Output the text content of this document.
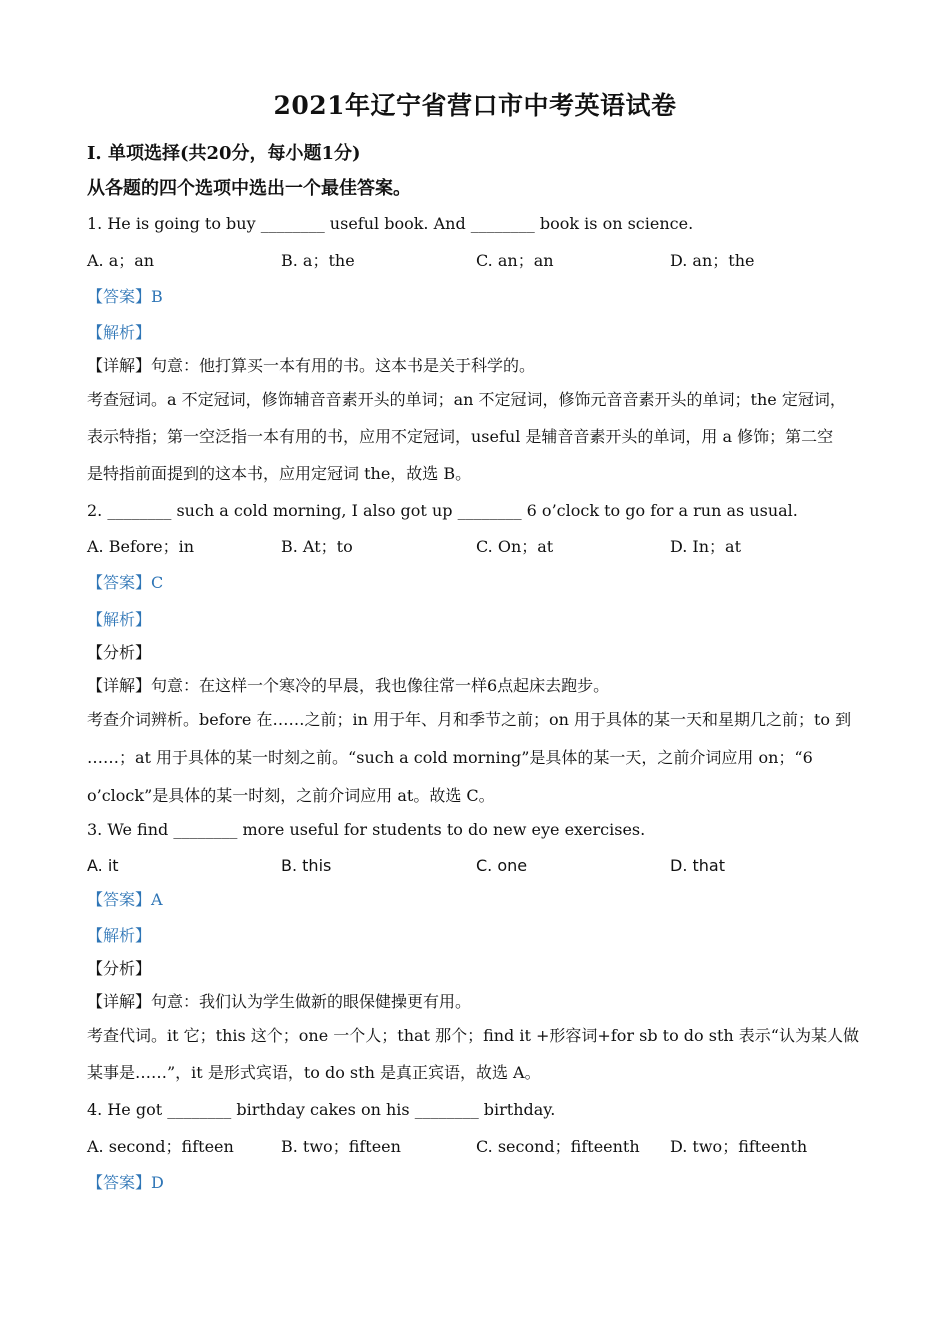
2021年辽宁省营口市中考英语试卷
Ⅰ. 单项选择(共20分，每小题1分)
从各题的四个选项中选出一个最佳答案。
1. He is going to buy ________ useful book. And ________ book is on science.
A. a；an	B. a；the	C. an；an	D. an；the
【答案】B
【解析】
【详解】句意：他打算买一本有用的书。这本书是关于科学的。
考查冠词。a 不定冠词，修饰辅音音素开头的单词；an 不定冠词，修饰元音音素开头的单词；the 定冠词，
表示特指；第一空泛指一本有用的书，应用不定冠词，useful 是辅音音素开头的单词，用 a 修饰；第二空
是特指前面提到的这本书，应用定冠词 the，故选 B。
2. ________ such a cold morning, I also got up ________ 6 o’clock to go for a run as usual.
A. Before；in	B. At；to	C. On；at	D. In；at
【答案】C
【解析】
【分析】
【详解】句意：在这样一个寒冷的早晨，我也像往常一样6点起床去跑步。
考查介词辨析。before 在……之前；in 用于年、月和季节之前；on 用于具体的某一天和星期几之前；to 到
……；at 用于具体的某一时刻之前。“such a cold morning”是具体的某一天，之前介词应用 on；“6
o’clock”是具体的某一时刻，之前介词应用 at。故选 C。
3. We find ________ more useful for students to do new eye exercises.
A. it	B. this	C. one	D. that
【答案】A
【解析】
【分析】
【详解】句意：我们认为学生做新的眼保健操更有用。
考查代词。it 它；this 这个；one 一个人；that 那个；find it +形容词+for sb to do sth 表示“认为某人做
某事是……”，it 是形式宾语，to do sth 是真正宾语，故选 A。
4. He got ________ birthday cakes on his ________ birthday.
A. second；fifteen	B. two；fifteen	C. second；fifteenth D. two；fifteenth
【答案】D
